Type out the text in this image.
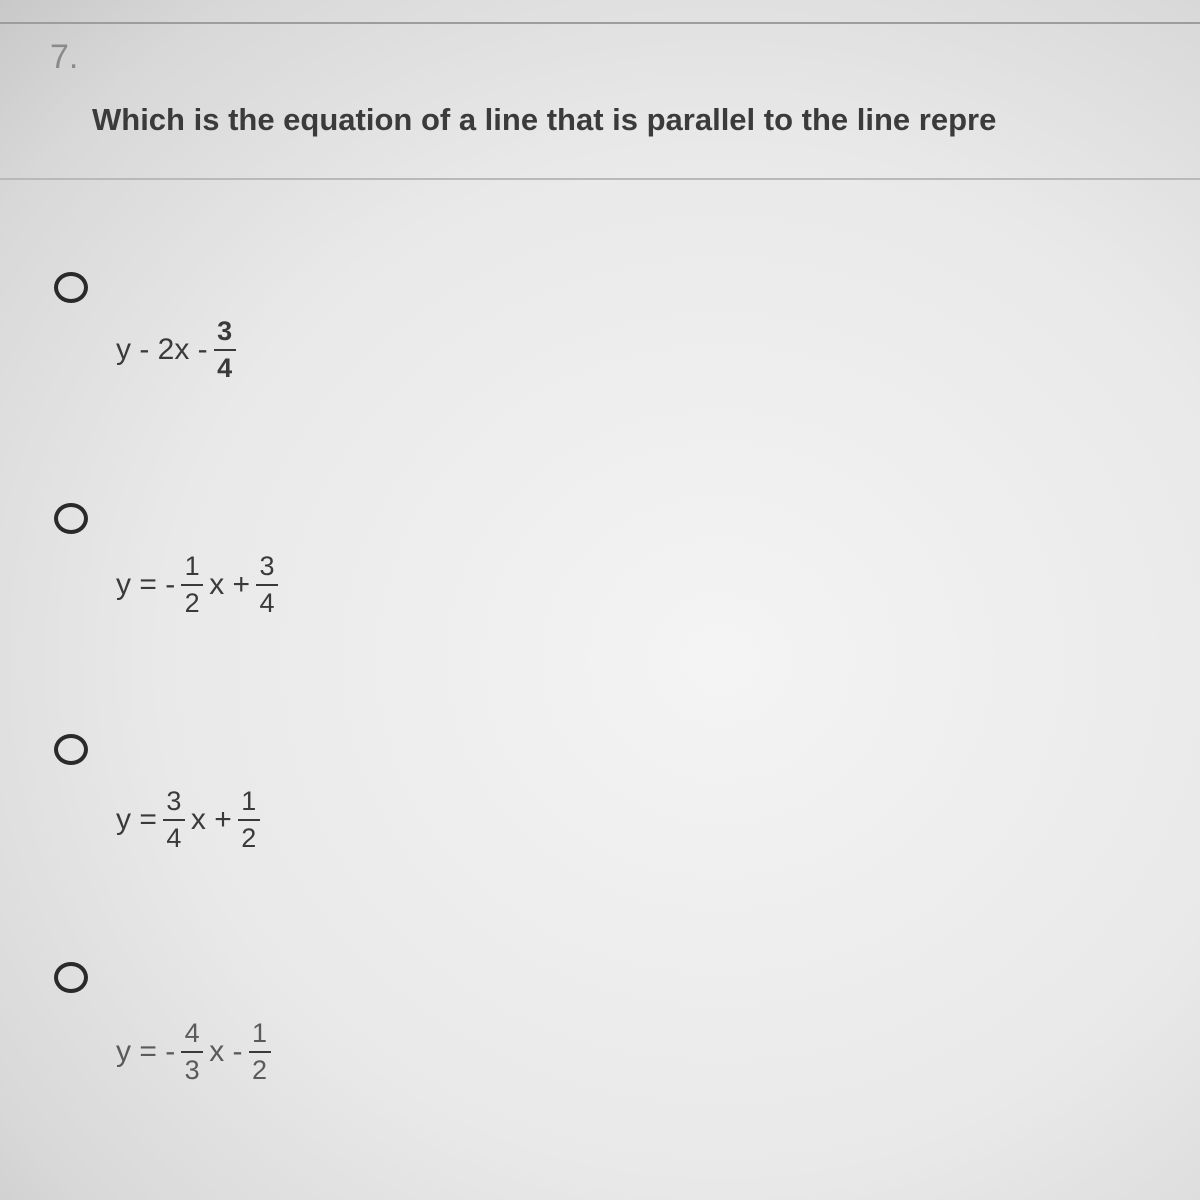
7.
Which is the equation of a line that is parallel to the line repre
y - $2x - \frac{3}{4}$
y = - $\frac{1}{2}$ $x + \frac{3}{4}$
$y = \frac{3}{4}$ $x + \frac{1}{2}$
y = - $\frac{4}{3}$ x - $\frac{1}{2}$
